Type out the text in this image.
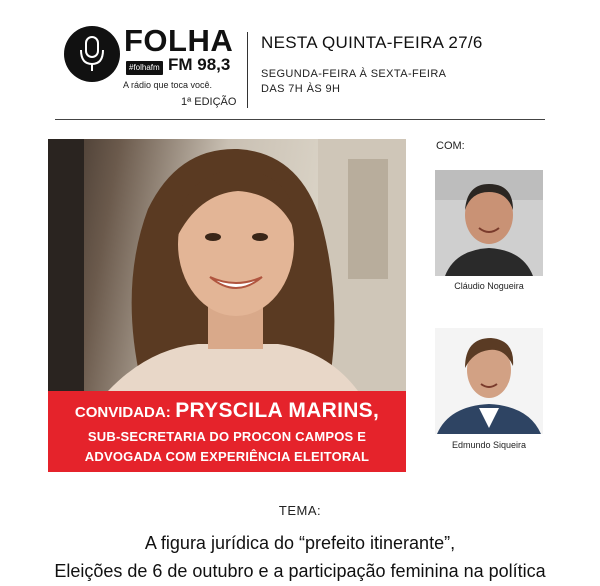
FOLHA
#folhafm FM 98,3
A rádio que toca você.
1ª EDIÇÃO
NESTA QUINTA-FEIRA 27/6
SEGUNDA-FEIRA À SEXTA-FEIRA
DAS 7H ÀS 9H
CONVIDADA: PRYSCILA MARINS,
SUB-SECRETARIA DO PROCON CAMPOS E
ADVOGADA COM EXPERIÊNCIA ELEITORAL
COM:
Cláudio Nogueira
Edmundo Siqueira
TEMA:
A figura jurídica do “prefeito itinerante”,
Eleições de 6 de outubro e a participação feminina na política
